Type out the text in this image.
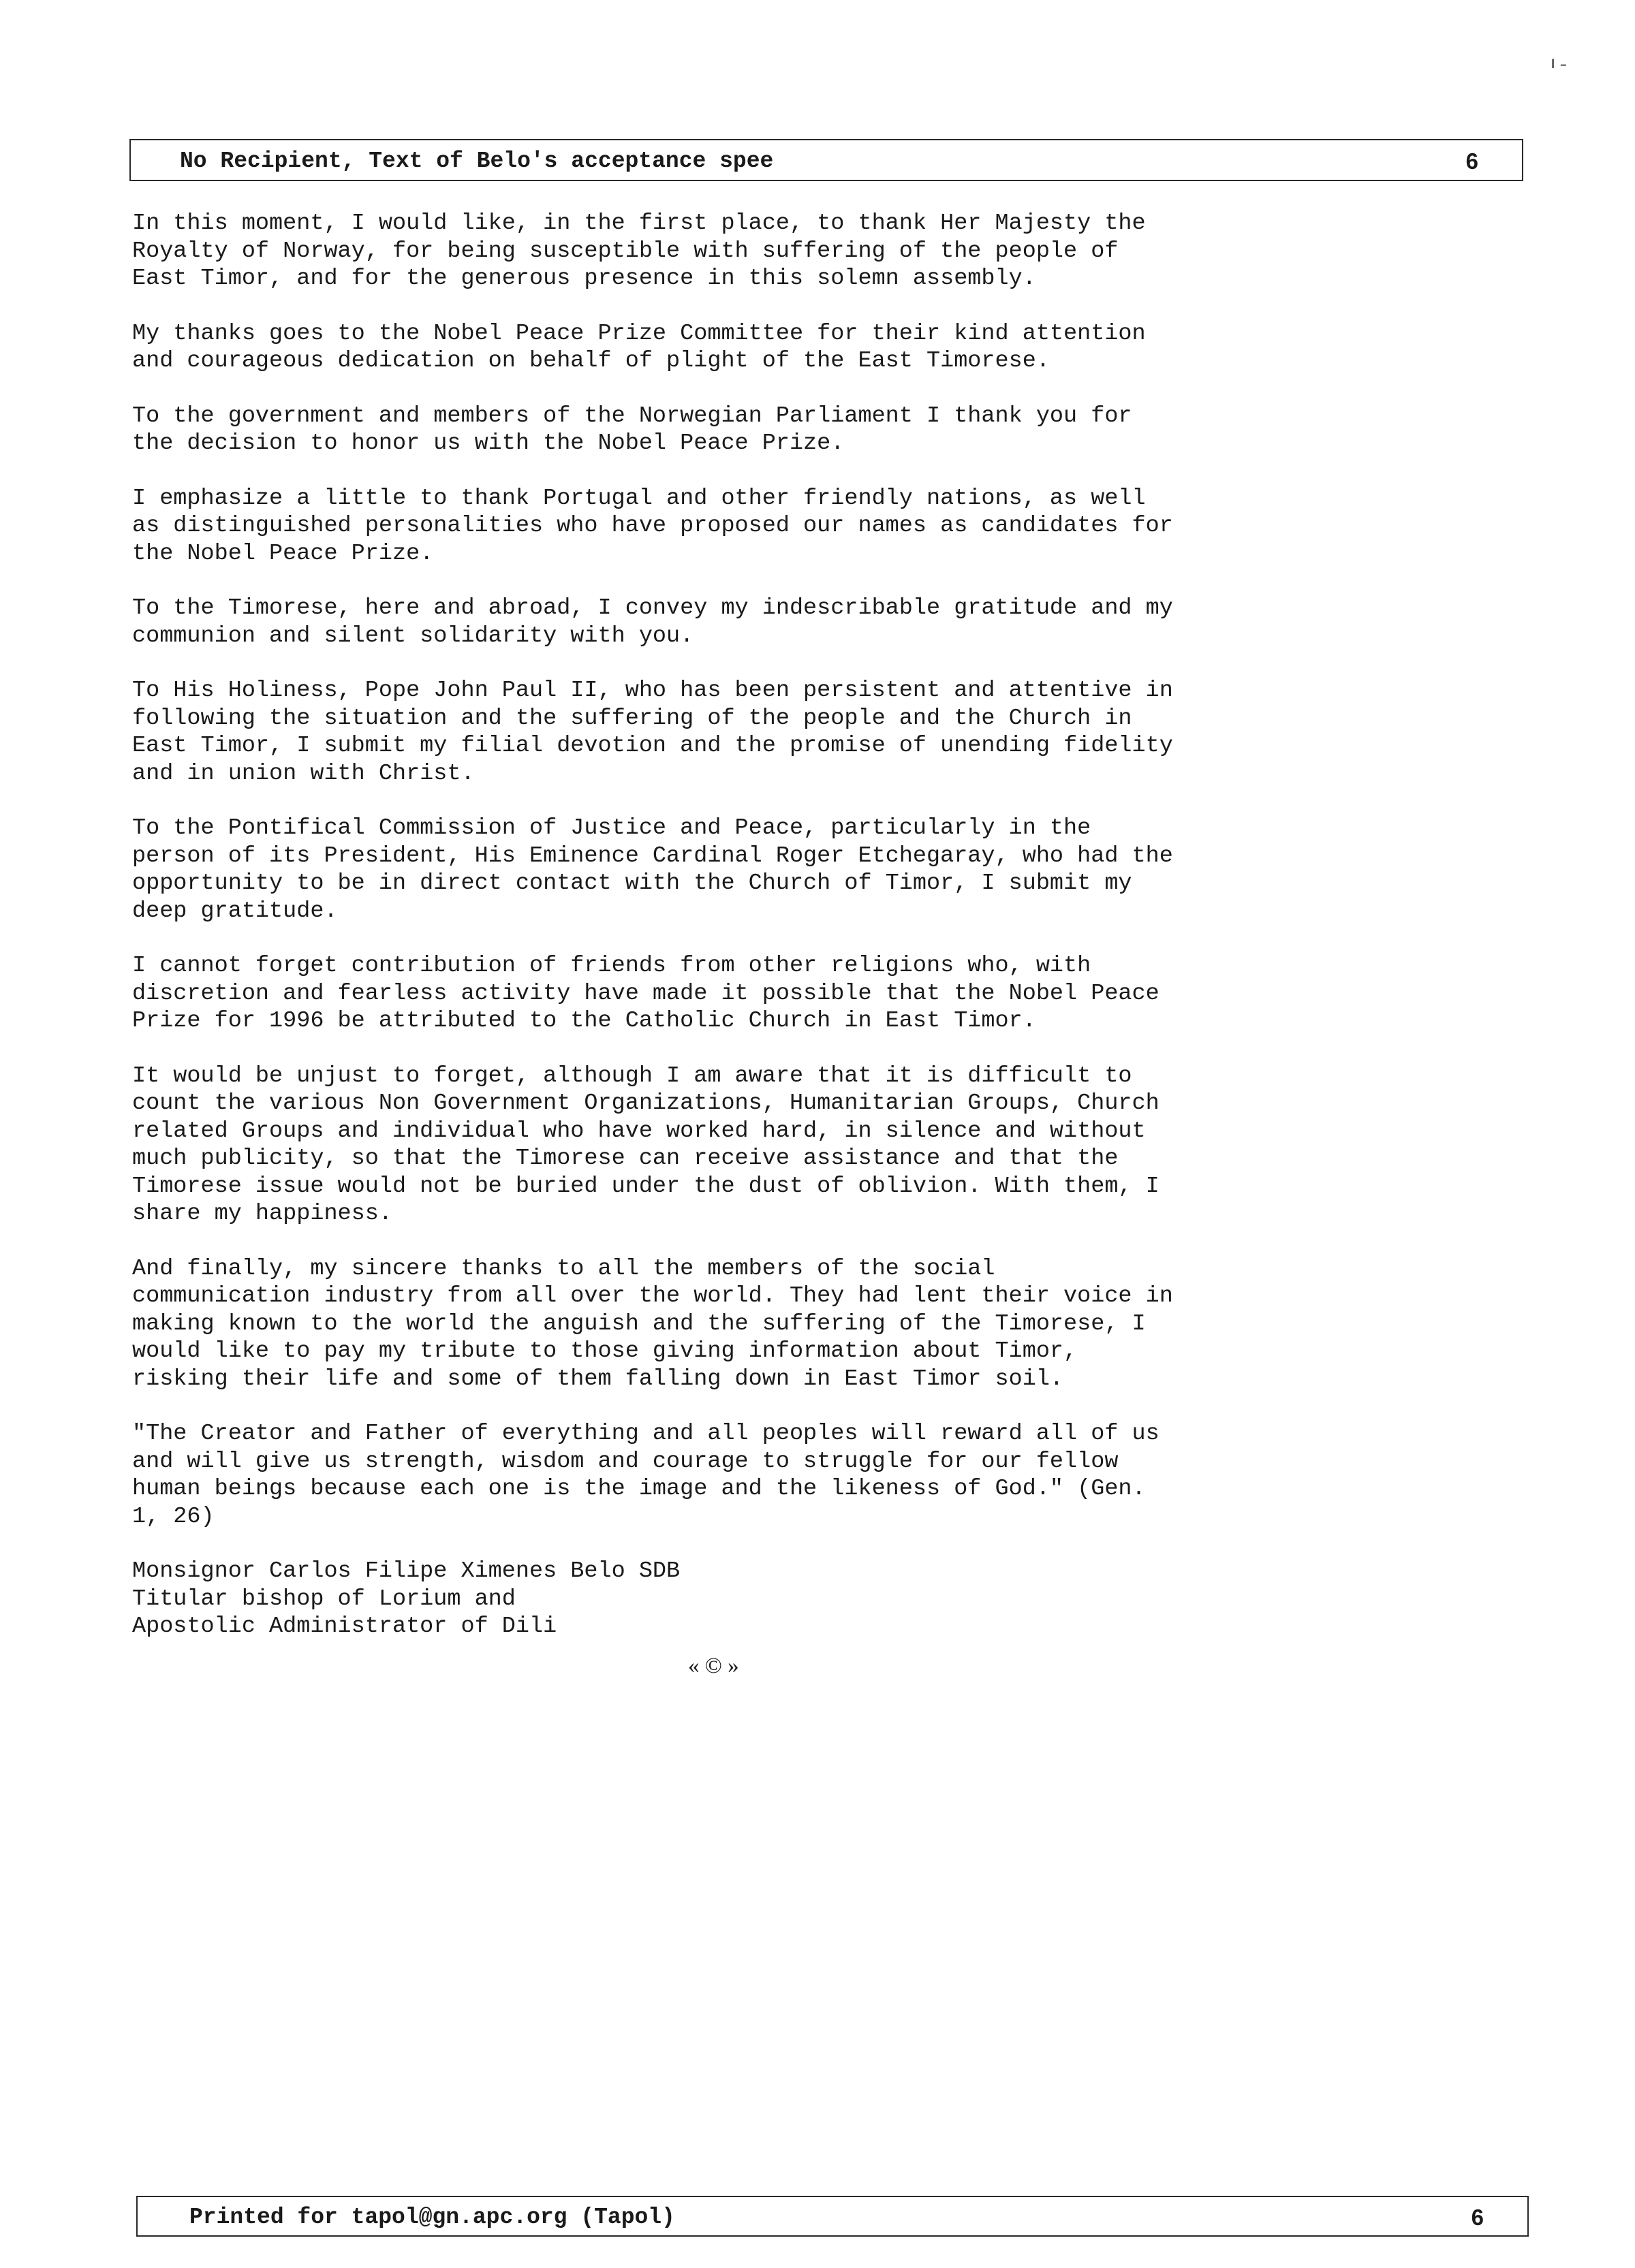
ı ˗
No Recipient, Text of Belo's acceptance spee	6

In this moment, I would like, in the first place, to thank Her Majesty the
Royalty of Norway, for being susceptible with suffering of the people of
East Timor, and for the generous presence in this solemn assembly.

My thanks goes to the Nobel Peace Prize Committee for their kind attention
and courageous dedication on behalf of plight of the East Timorese.

To the government and members of the Norwegian Parliament I thank you for
the decision to honor us with the Nobel Peace Prize.

I emphasize a little to thank Portugal and other friendly nations, as well
as distinguished personalities who have proposed our names as candidates for
the Nobel Peace Prize.

To the Timorese, here and abroad, I convey my indescribable gratitude and my
communion and silent solidarity with you.

To His Holiness, Pope John Paul II, who has been persistent and attentive in
following the situation and the suffering of the people and the Church in
East Timor, I submit my filial devotion and the promise of unending fidelity
and in union with Christ.

To the Pontifical Commission of Justice and Peace, particularly in the
person of its President, His Eminence Cardinal Roger Etchegaray, who had the
opportunity to be in direct contact with the Church of Timor, I submit my
deep gratitude.

I cannot forget contribution of friends from other religions who, with
discretion and fearless activity have made it possible that the Nobel Peace
Prize for 1996 be attributed to the Catholic Church in East Timor.

It would be unjust to forget, although I am aware that it is difficult to
count the various Non Government Organizations, Humanitarian Groups, Church
related Groups and individual who have worked hard, in silence and without
much publicity, so that the Timorese can receive assistance and that the
Timorese issue would not be buried under the dust of oblivion. With them, I
share my happiness.

And finally, my sincere thanks to all the members of the social
communication industry from all over the world. They had lent their voice in
making known to the world the anguish and the suffering of the Timorese, I
would like to pay my tribute to those giving information about Timor,
risking their life and some of them falling down in East Timor soil.

"The Creator and Father of everything and all peoples will reward all of us
and will give us strength, wisdom and courage to struggle for our fellow
human beings because each one is the image and the likeness of God." (Gen.
1, 26)

Monsignor Carlos Filipe Ximenes Belo SDB
Titular bishop of Lorium and
Apostolic Administrator of Dili

« © »
Printed for tapol@gn.apc.org (Tapol)	6
